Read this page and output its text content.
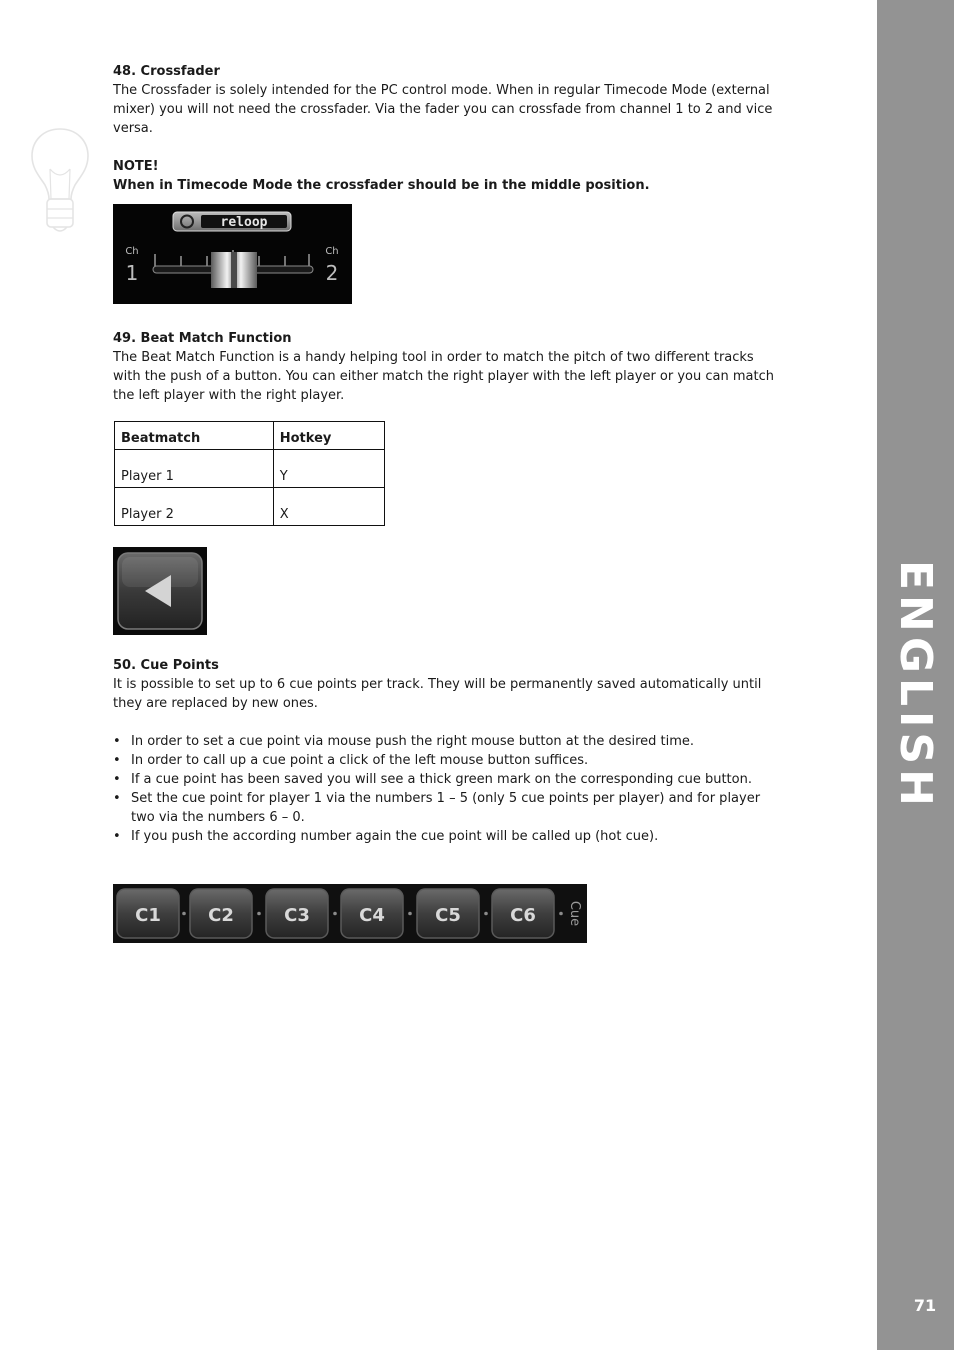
ENGLISH
71

48. Crossfader

The Crossfader is solely intended for the PC control mode. When in regular Timecode Mode (external mixer) you will not need the crossfader. Via the fader you can crossfade from channel 1 to 2 and vice versa.

NOTE!

When in Timecode Mode the crossfader should be in the middle position.

49. Beat Match Function

The Beat Match Function is a handy helping tool in order to match the pitch of two different tracks with the push of a button. You can either match the right player with the left player or you can match the left player with the right player.

50. Cue Points

It is possible to set up to 6 cue points per track. They will be permanently saved automatically until they are replaced by new ones.

• In order to set a cue point via mouse push the right mouse button at the desired time.
• In order to call up a cue point a click of the left mouse button suffices.
• If a cue point has been saved you will see a thick green mark on the corresponding cue button.
• Set the cue point for player 1 via the numbers 1 – 5 (only 5 cue points per player) and for player two via the numbers 6 – 0.
• If you push the according number again the cue point will be called up (hot cue).
reloop
Ch
1
Ch
2
Beatmatch	Hotkey
Player 1	Y
Player 2	X
C1	C2	C3	C4	C5	C6 Cue
